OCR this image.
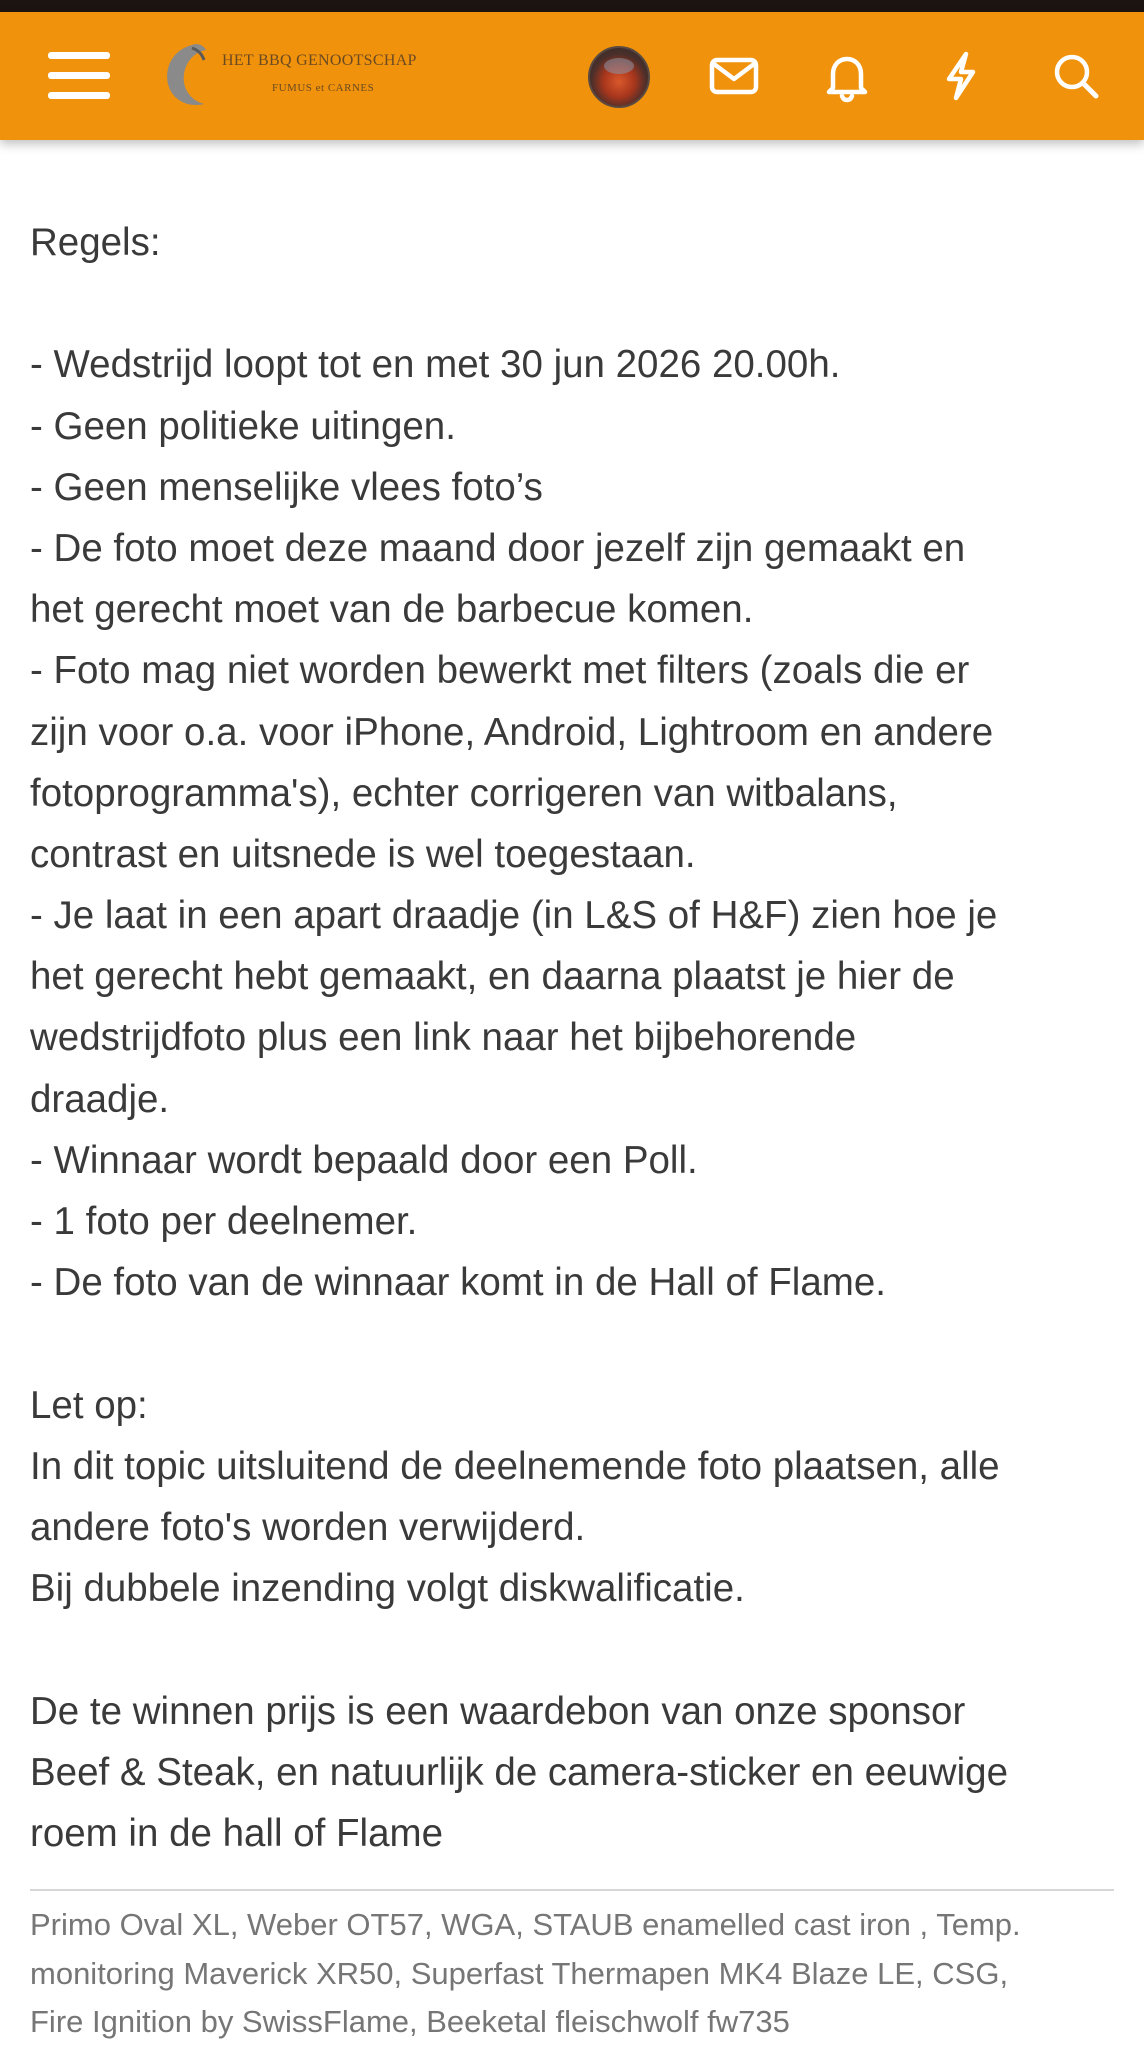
HET BBQ GENOOTSCHAP
FUMUS et CARNES
Regels:
- Wedstrijd loopt tot en met 30 jun 2026 20.00h.
- Geen politieke uitingen.
- Geen menselijke vlees foto’s
- De foto moet deze maand door jezelf zijn gemaakt en
het gerecht moet van de barbecue komen.
- Foto mag niet worden bewerkt met filters (zoals die er
zijn voor o.a. voor iPhone, Android, Lightroom en andere
fotoprogramma's), echter corrigeren van witbalans,
contrast en uitsnede is wel toegestaan.
- Je laat in een apart draadje (in L&S of H&F) zien hoe je
het gerecht hebt gemaakt, en daarna plaatst je hier de
wedstrijdfoto plus een link naar het bijbehorende
draadje.
- Winnaar wordt bepaald door een Poll.
- 1 foto per deelnemer.
- De foto van de winnaar komt in de Hall of Flame.
Let op:
In dit topic uitsluitend de deelnemende foto plaatsen, alle
andere foto's worden verwijderd.
Bij dubbele inzending volgt diskwalificatie.
De te winnen prijs is een waardebon van onze sponsor
Beef & Steak, en natuurlijk de camera-sticker en eeuwige
roem in de hall of Flame
Primo Oval XL, Weber OT57, WGA, STAUB enamelled cast iron , Temp.
monitoring Maverick XR50, Superfast Thermapen MK4 Blaze LE, CSG,
Fire Ignition by SwissFlame, Beeketal fleischwolf fw735
